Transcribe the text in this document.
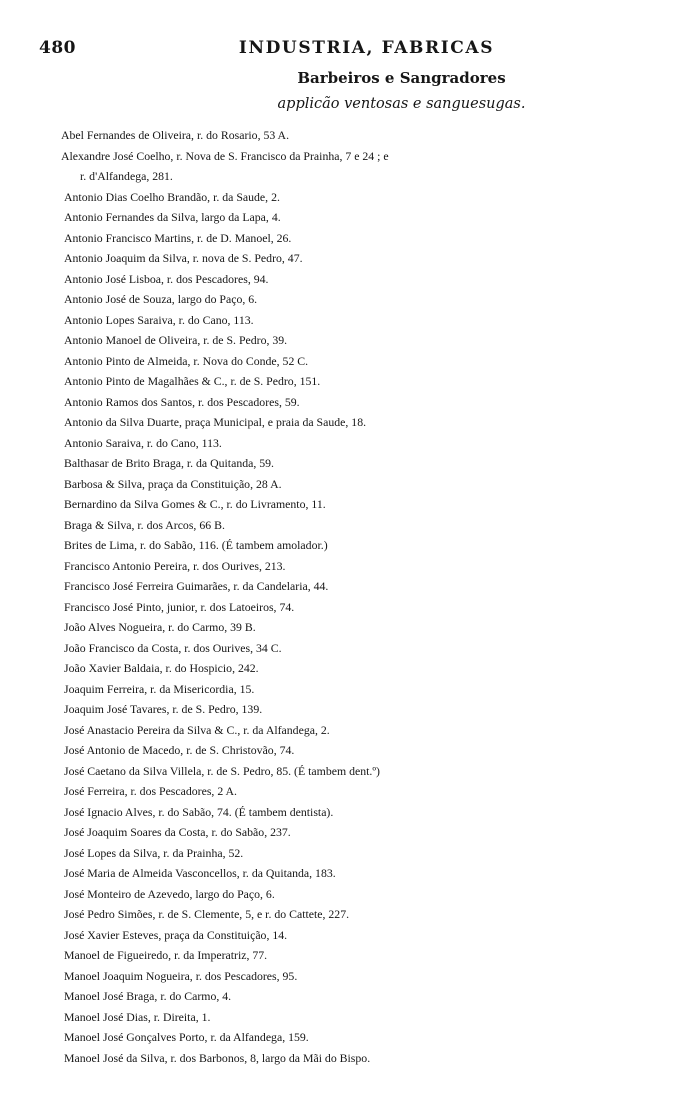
480	INDUSTRIA, FABRICAS
Barbeiros e Sangradores
applicão ventosas e sanguesugas.
Abel Fernandes de Oliveira, r. do Rosario, 53 A.
Alexandre José Coelho, r. Nova de S. Francisco da Prainha, 7 e 24 ; e
r. d'Alfandega, 281.
Antonio Dias Coelho Brandão, r. da Saude, 2.
Antonio Fernandes da Silva, largo da Lapa, 4.
Antonio Francisco Martins, r. de D. Manoel, 26.
Antonio Joaquim da Silva, r. nova de S. Pedro, 47.
Antonio José Lisboa, r. dos Pescadores, 94.
Antonio José de Souza, largo do Paço, 6.
Antonio Lopes Saraiva, r. do Cano, 113.
Antonio Manoel de Oliveira, r. de S. Pedro, 39.
Antonio Pinto de Almeida, r. Nova do Conde, 52 C.
Antonio Pinto de Magalhães & C., r. de S. Pedro, 151.
Antonio Ramos dos Santos, r. dos Pescadores, 59.
Antonio da Silva Duarte, praça Municipal, e praia da Saude, 18.
Antonio Saraiva, r. do Cano, 113.
Balthasar de Brito Braga, r. da Quitanda, 59.
Barbosa & Silva, praça da Constituição, 28 A.
Bernardino da Silva Gomes & C., r. do Livramento, 11.
Braga & Silva, r. dos Arcos, 66 B.
Brites de Lima, r. do Sabão, 116. (É tambem amolador.)
Francisco Antonio Pereira, r. dos Ourives, 213.
Francisco José Ferreira Guimarães, r. da Candelaria, 44.
Francisco José Pinto, junior, r. dos Latoeiros, 74.
João Alves Nogueira, r. do Carmo, 39 B.
João Francisco da Costa, r. dos Ourives, 34 C.
João Xavier Baldaia, r. do Hospicio, 242.
Joaquim Ferreira, r. da Misericordia, 15.
Joaquim José Tavares, r. de S. Pedro, 139.
José Anastacio Pereira da Silva & C., r. da Alfandega, 2.
José Antonio de Macedo, r. de S. Christovão, 74.
José Caetano da Silva Villela, r. de S. Pedro, 85. (É tambem dent.º)
José Ferreira, r. dos Pescadores, 2 A.
José Ignacio Alves, r. do Sabão, 74. (É tambem dentista).
José Joaquim Soares da Costa, r. do Sabão, 237.
José Lopes da Silva, r. da Prainha, 52.
José Maria de Almeida Vasconcellos, r. da Quitanda, 183.
José Monteiro de Azevedo, largo do Paço, 6.
José Pedro Simões, r. de S. Clemente, 5, e r. do Cattete, 227.
José Xavier Esteves, praça da Constituição, 14.
Manoel de Figueiredo, r. da Imperatriz, 77.
Manoel Joaquim Nogueira, r. dos Pescadores, 95.
Manoel José Braga, r. do Carmo, 4.
Manoel José Dias, r. Direita, 1.
Manoel José Gonçalves Porto, r. da Alfandega, 159.
Manoel José da Silva, r. dos Barbonos, 8, largo da Mãi do Bispo.
